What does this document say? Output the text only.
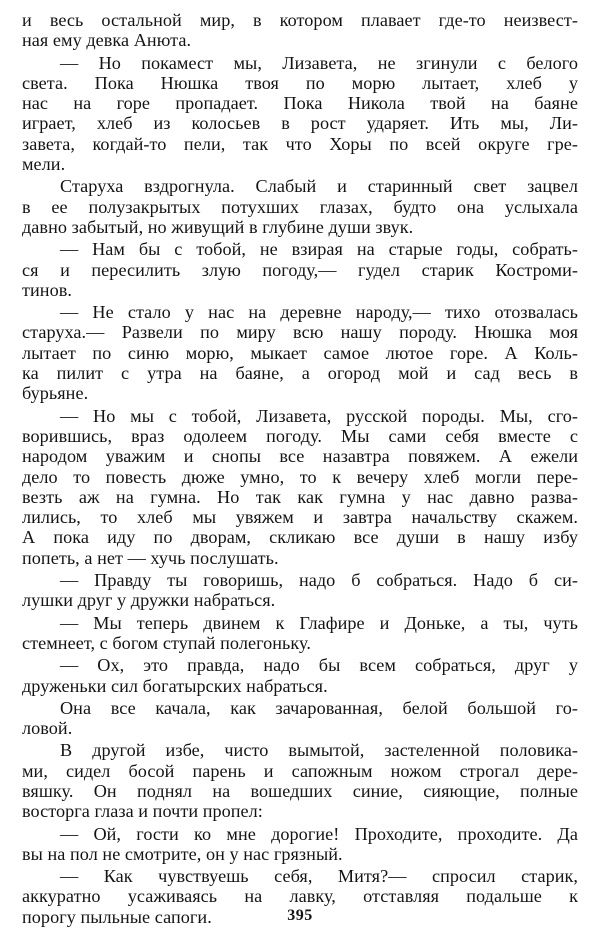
и весь остальной мир, в котором плавает где-то неизвест-
ная ему девка Анюта.
— Но покамест мы, Лизавета, не згинули с белого
света. Пока Нюшка твоя по морю лытает, хлеб у
нас на горе пропадает. Пока Никола твой на баяне
играет, хлеб из колосьев в рост ударяет. Ить мы, Ли-
завета, когдай-то пели, так что Хоры по всей округе гре-
мели.
Старуха вздрогнула. Слабый и старинный свет зацвел
в ее полузакрытых потухших глазах, будто она услыхала
давно забытый, но живущий в глубине души звук.
— Нам бы с тобой, не взирая на старые годы, собрать-
ся и пересилить злую погоду,— гудел старик Костроми-
тинов.
— Не стало у нас на деревне народу,— тихо отозвалась
старуха.— Развели по миру всю нашу породу. Нюшка моя
лытает по синю морю, мыкает самое лютое горе. А Коль-
ка пилит с утра на баяне, а огород мой и сад весь в
бурьяне.
— Но мы с тобой, Лизавета, русской породы. Мы, сго-
ворившись, враз одолеем погоду. Мы сами себя вместе с
народом уважим и снопы все назавтра повяжем. А ежели
дело то повесть дюже умно, то к вечеру хлеб могли пере-
везть аж на гумна. Но так как гумна у нас давно разва-
лились, то хлеб мы увяжем и завтра начальству скажем.
А пока иду по дворам, скликаю все души в нашу избу
попеть, а нет — хучь послушать.
— Правду ты говоришь, надо б собраться. Надо б си-
лушки друг у дружки набраться.
— Мы теперь двинем к Глафире и Доньке, а ты, чуть
стемнеет, с богом ступай полегоньку.
— Ох, это правда, надо бы всем собраться, друг у
друженьки сил богатырских набраться.
Она все качала, как зачарованная, белой большой го-
ловой.
В другой избе, чисто вымытой, застеленной половика-
ми, сидел босой парень и сапожным ножом строгал дере-
вяшку. Он поднял на вошедших синие, сияющие, полные
восторга глаза и почти пропел:
— Ой, гости ко мне дорогие! Проходите, проходите. Да
вы на пол не смотрите, он у нас грязный.
— Как чувствуешь себя, Митя?— спросил старик,
аккуратно усаживаясь на лавку, отставляя подальше к
порогу пыльные сапоги.	395
